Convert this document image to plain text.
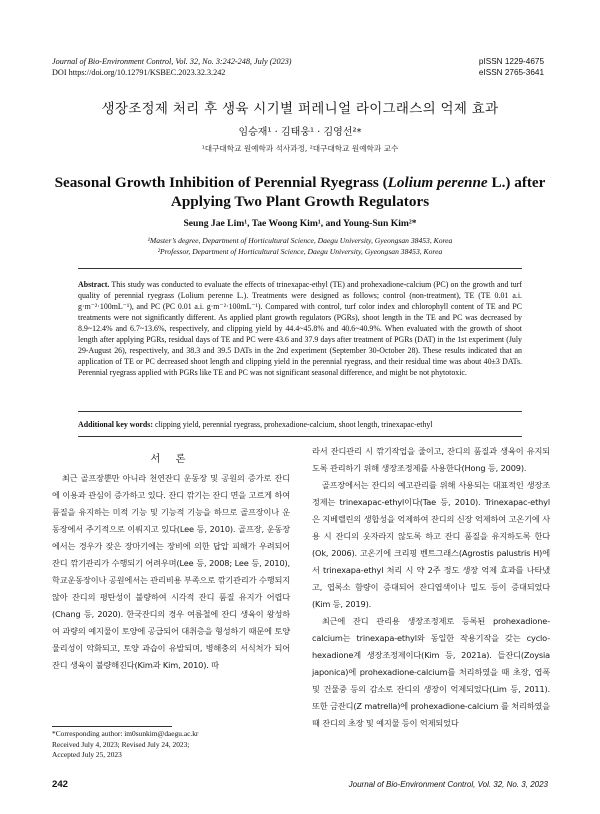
Journal of Bio-Environment Control, Vol. 32, No. 3:242-248, July (2023)
DOI https://doi.org/10.12791/KSBEC.2023.32.3.242
pISSN 1229-4675
eISSN 2765-3641
생장조정제 처리 후 생육 시기별 퍼레니얼 라이그래스의 억제 효과
임승재¹ · 김태웅¹ · 김영선²*
¹대구대학교 원예학과 석사과정, ²대구대학교 원예학과 교수
Seasonal Growth Inhibition of Perennial Ryegrass (Lolium perenne L.) after Applying Two Plant Growth Regulators
Seung Jae Lim¹, Tae Woong Kim¹, and Young-Sun Kim²*
¹Master’s degree, Department of Horticultural Science, Daegu University, Gyeongsan 38453, Korea
²Professor, Department of Horticultural Science, Daegu University, Gyeongsan 38453, Korea
Abstract. This study was conducted to evaluate the effects of trinexapac-ethyl (TE) and prohexadione-calcium (PC) on the growth and turf quality of perennial ryegrass (Lolium perenne L.). Treatments were designed as follows; control (non-treatment), TE (TE 0.01 a.i. g·m⁻²·100mL⁻¹), and PC (PC 0.01 a.i. g·m⁻²·100mL⁻¹). Compared with control, turf color index and chlorophyll content of TE and PC treatments were not significantly different. As applied plant growth regulators (PGRs), shoot length in the TE and PC was decreased by 8.9~12.4% and 6.7~13.6%, respectively, and clipping yield by 44.4~45.8% and 40.6~40.9%. When evaluated with the growth of shoot length after applying PGRs, residual days of TE and PC were 43.6 and 37.9 days after treatment of PGRs (DAT) in the 1st experiment (July 29-August 26), respectively, and 38.3 and 39.5 DATs in the 2nd experiment (September 30-October 28). These results indicated that an application of TE or PC decreased shoot length and clipping yield in the perennial ryegrass, and their residual time was about 40±3 DATs. Perennial ryegrass applied with PGRs like TE and PC was not significant seasonal difference, and might be not phytotoxic.
Additional key words: clipping yield, perennial ryegrass, prohexadione-calcium, shoot length, trinexapac-ethyl
서 론

최근 골프장뿐만 아니라 천연잔디 운동장 및 공원의 증가로 잔디에 이용과 관심이 증가하고 있다. 잔디 깎기는 잔디 면을 고르게 하여 품질을 유지하는 미적 기능 및 기능적 기능을 하므로 골프장이나 운동장에서 주기적으로 이뤄지고 있다(Lee 등, 2010). 골프장, 운동장에서는 경우가 잦은 장마기에는 장비에 의한 답압 피해가 우려되어 잔디 깎기관리가 수행되기 어려우며(Lee 등, 2008; Lee 등, 2010), 학교운동장이나 공원에서는 관리비용 부족으로 깎기관리가 수행되지 않아 잔디의 평탄성이 불량하여 시각적 잔디 품질 유지가 어렵다(Chang 등, 2020). 한국잔디의 경우 여름철에 잔디 생육이 왕성하여 과량의 예지물이 토양에 공급되어 대취층을 형성하기 때문에 토양 물리성이 악화되고, 토양 과습이 유발되며, 병해충의 서식처가 되어 잔디 생육이 불량해진다(Kim과 Kim, 2010). 따

라서 잔디관리 시 깎기작업을 줄이고, 잔디의 품질과 생육이 유지되도록 관리하기 위해 생장조정제를 사용한다(Hong 등, 2009).

골프장에서는 잔디의 예고관리를 위해 사용되는 대표적인 생장조정제는 trinexapac-ethyl이다(Tae 등, 2010). Trinexapac-ethyl은 지베렐린의 생합성을 억제하여 잔디의 신장 억제하여 고온기에 사용 시 잔디의 웃자라지 않도록 하고 잔디 품질을 유지하도록 한다(Ok, 2006). 고온기에 크리핑 벤트그래스(Agrostis palustris H)에서 trinexapa-ethyl 처리 시 약 2주 정도 생장 억제 효과를 나타냈고, 엽록소 함량이 증대되어 잔디엽색이나 밀도 등이 증대되었다(Kim 등, 2019).

최근에 잔디 관리용 생장조정제로 등록된 prohexadione-calcium는 trinexapa-ethyl와 동일한 작용기작을 갖는 cyclo-hexadione계 생장조정제이다(Kim 등, 2021a). 들잔디(Zoysia japonica)에 prohexadione-calcium를 처리하였을 때 초장, 엽폭 및 건물중 등의 감소로 잔디의 생장이 억제되었다(Lim 등, 2011). 또한 금잔디(Z matrella)에 prohexadione-calcium 를 처리하였을 때 잔디의 초장 및 예지물 등이 억제되었다

*Corresponding author: im0sunkim@daegu.ac.kr
Received July 4, 2023; Revised July 24, 2023;
Accepted July 25, 2023
242	Journal of Bio-Environment Control, Vol. 32, No. 3, 2023
